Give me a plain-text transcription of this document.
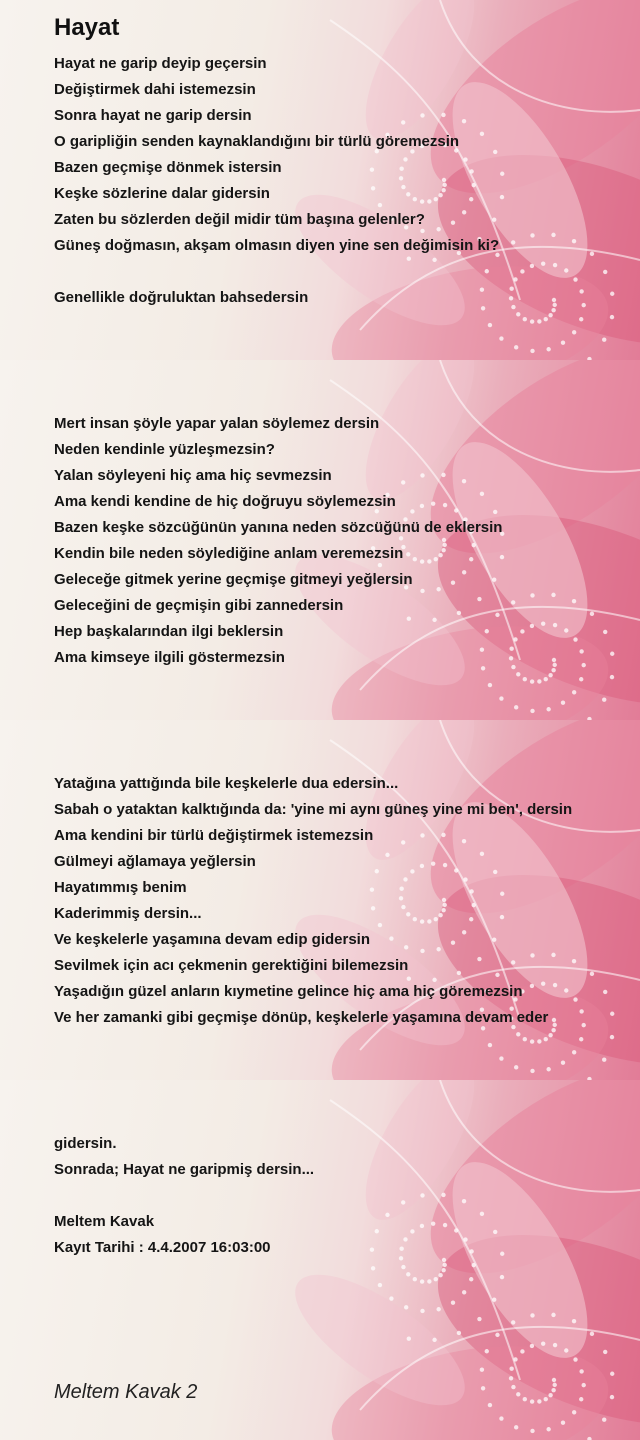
Hayat
Hayat ne garip deyip geçersin
Değiştirmek dahi istemezsin
Sonra hayat ne garip dersin
O garipliğin senden kaynaklandığını bir türlü göremezsin
Bazen geçmişe dönmek istersin
Keşke sözlerine dalar gidersin
Zaten bu sözlerden değil midir tüm başına gelenler?
Güneş doğmasın, akşam olmasın diyen yine sen değimisin ki?
Genellikle doğruluktan bahsedersin
Mert insan şöyle yapar yalan söylemez dersin
Neden kendinle yüzleşmezsin?
Yalan söyleyeni hiç ama hiç sevmezsin
Ama kendi kendine de hiç doğruyu söylemezsin
Bazen keşke sözcüğünün yanına neden sözcüğünü de eklersin
Kendin bile neden söylediğine anlam veremezsin
Geleceğe gitmek yerine geçmişe gitmeyi yeğlersin
Geleceğini de geçmişin gibi zannedersin
Hep başkalarından ilgi beklersin
Ama kimseye ilgili göstermezsin
Yatağına yattığında bile keşkelerle dua edersin...
Sabah o yataktan kalktığında da: 'yine mi aynı güneş yine mi ben', dersin
Ama kendini bir türlü değiştirmek istemezsin
Gülmeyi ağlamaya yeğlersin
Hayatımmış benim
Kaderimmiş dersin...
Ve keşkelerle yaşamına devam edip gidersin
Sevilmek için acı çekmenin gerektiğini bilemezsin
Yaşadığın güzel anların kıymetine gelince hiç ama hiç göremezsin
Ve her zamanki gibi geçmişe dönüp, keşkelerle yaşamına devam eder
gidersin.
Sonrada; Hayat ne garipmiş dersin...
Meltem Kavak
Kayıt Tarihi : 4.4.2007 16:03:00
Meltem Kavak 2
